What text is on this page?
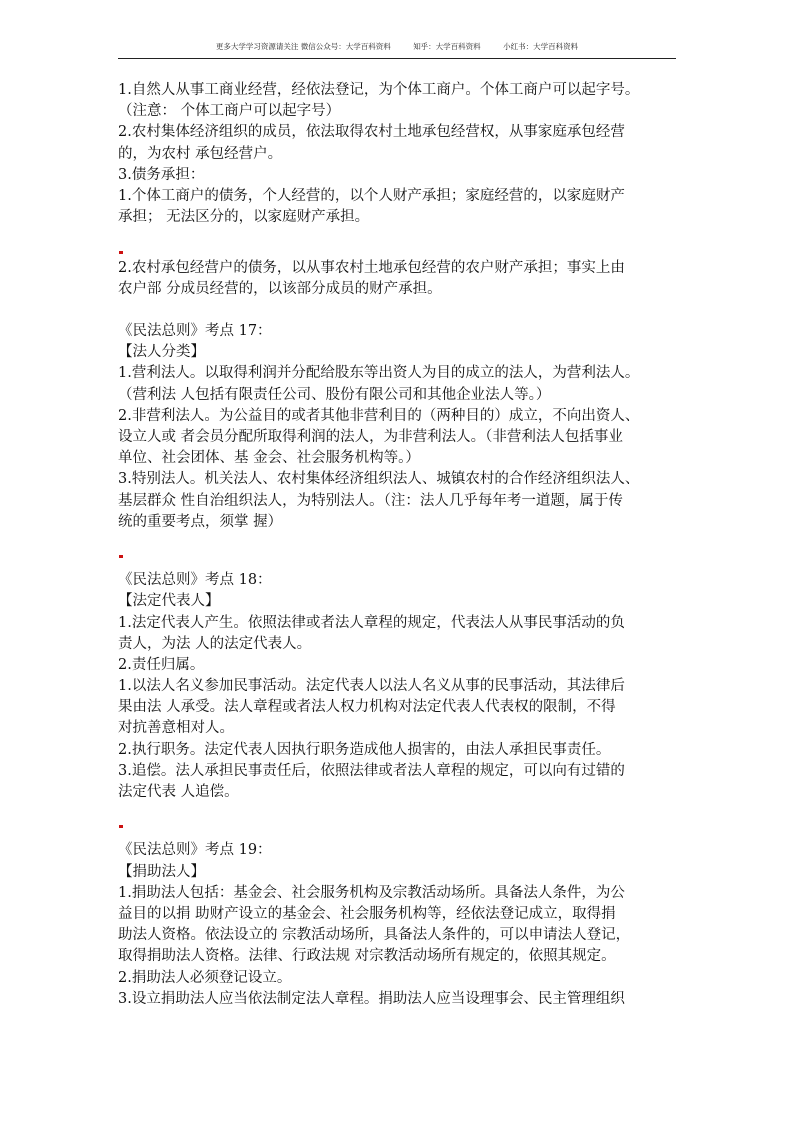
更多大学学习资源请关注 微信公众号：大学百科资料	知乎：大学百科资料	小红书：大学百科资料
1.自然人从事工商业经营，经依法登记，为个体工商户。个体工商户可以起字号。
（注意： 个体工商户可以起字号）
2.农村集体经济组织的成员，依法取得农村土地承包经营权，从事家庭承包经营
的，为农村 承包经营户。
3.债务承担：
1.个体工商户的债务，个人经营的，以个人财产承担；家庭经营的，以家庭财产
承担； 无法区分的，以家庭财产承担。
2.农村承包经营户的债务，以从事农村土地承包经营的农户财产承担；事实上由
农户部 分成员经营的，以该部分成员的财产承担。
《民法总则》考点 17：
【法人分类】
1.营利法人。以取得利润并分配给股东等出资人为目的成立的法人，为营利法人。
（营利法 人包括有限责任公司、股份有限公司和其他企业法人等。）
2.非营利法人。为公益目的或者其他非营利目的（两种目的）成立，不向出资人、
设立人或 者会员分配所取得利润的法人，为非营利法人。（非营利法人包括事业
单位、社会团体、基 金会、社会服务机构等。）
3.特别法人。机关法人、农村集体经济组织法人、城镇农村的合作经济组织法人、
基层群众 性自治组织法人，为特别法人。（注：法人几乎每年考一道题，属于传
统的重要考点，须掌 握）
《民法总则》考点 18：
【法定代表人】
1.法定代表人产生。依照法律或者法人章程的规定，代表法人从事民事活动的负
责人，为法 人的法定代表人。
2.责任归属。
1.以法人名义参加民事活动。法定代表人以法人名义从事的民事活动，其法律后
果由法 人承受。法人章程或者法人权力机构对法定代表人代表权的限制，不得
对抗善意相对人。
2.执行职务。法定代表人因执行职务造成他人损害的，由法人承担民事责任。
3.追偿。法人承担民事责任后，依照法律或者法人章程的规定，可以向有过错的
法定代表 人追偿。
《民法总则》考点 19：
【捐助法人】
1.捐助法人包括：基金会、社会服务机构及宗教活动场所。具备法人条件，为公
益目的以捐 助财产设立的基金会、社会服务机构等，经依法登记成立，取得捐
助法人资格。依法设立的 宗教活动场所，具备法人条件的，可以申请法人登记，
取得捐助法人资格。法律、行政法规 对宗教活动场所有规定的，依照其规定。
2.捐助法人必须登记设立。
3.设立捐助法人应当依法制定法人章程。捐助法人应当设理事会、民主管理组织
